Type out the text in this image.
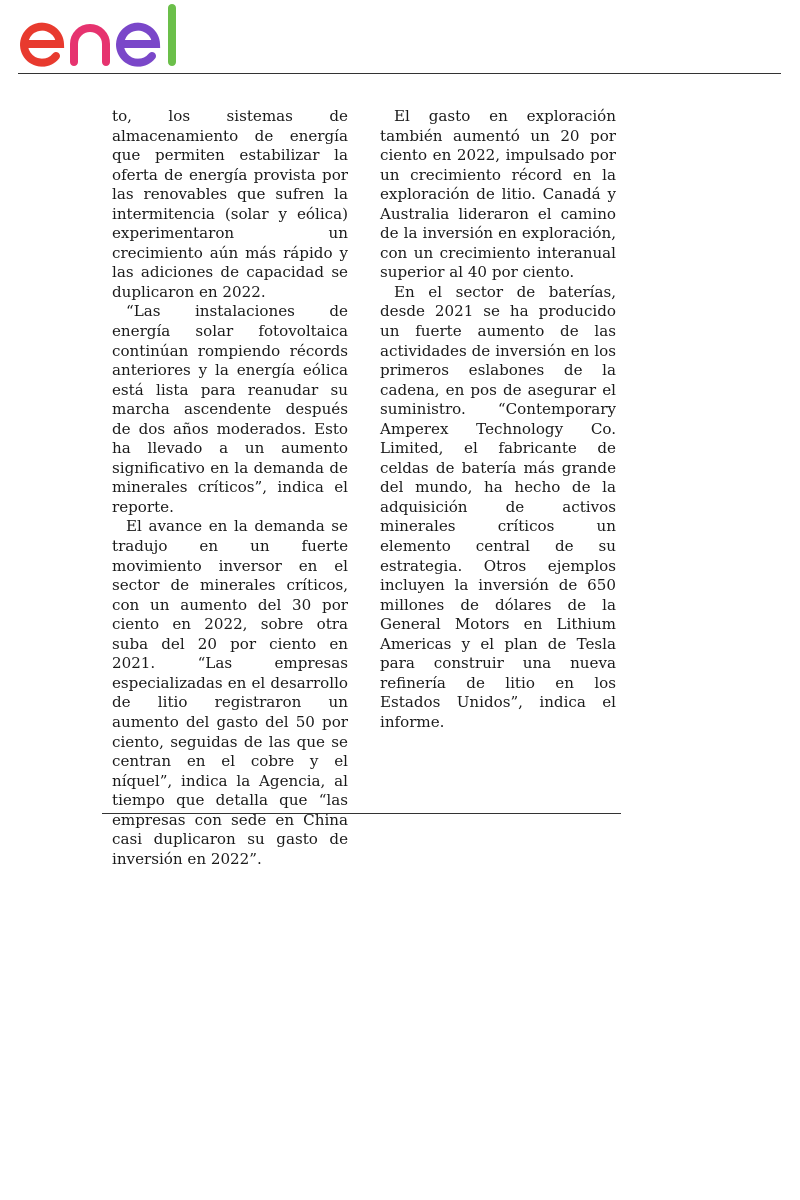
to, los sistemas de almacenamiento de energía que permiten estabilizar la oferta de energía provista por las renovables que sufren la intermitencia (solar y eólica) experimentaron un crecimiento aún más rápido y las adiciones de capacidad se duplicaron en 2022.

“Las instalaciones de energía solar fotovoltaica continúan rompiendo récords anteriores y la energía eólica está lista para reanudar su marcha ascendente después de dos años moderados. Esto ha llevado a un aumento significativo en la demanda de minerales críticos”, indica el reporte.

El avance en la demanda se tradujo en un fuerte movimiento inversor en el sector de minerales críticos, con un aumento del 30 por ciento en 2022, sobre otra suba del 20 por ciento en 2021. “Las empresas especializadas en el desarrollo de litio registraron un aumento del gasto del 50 por ciento, seguidas de las que se centran en el cobre y el níquel”, indica la Agencia, al tiempo que detalla que “las empresas con sede en China casi duplicaron su gasto de inversión en 2022”.

El gasto en exploración también aumentó un 20 por ciento en 2022, impulsado por un crecimiento récord en la exploración de litio. Canadá y Australia lideraron el camino de la inversión en exploración, con un crecimiento interanual superior al 40 por ciento.

En el sector de baterías, desde 2021 se ha producido un fuerte aumento de las actividades de inversión en los primeros eslabones de la cadena, en pos de asegurar el suministro. “Contemporary Amperex Technology Co. Limited, el fabricante de celdas de batería más grande del mundo, ha hecho de la adquisición de activos minerales críticos un elemento central de su estrategia. Otros ejemplos incluyen la inversión de 650 millones de dólares de la General Motors en Lithium Americas y el plan de Tesla para construir una nueva refinería de litio en los Estados Unidos”, indica el informe.
